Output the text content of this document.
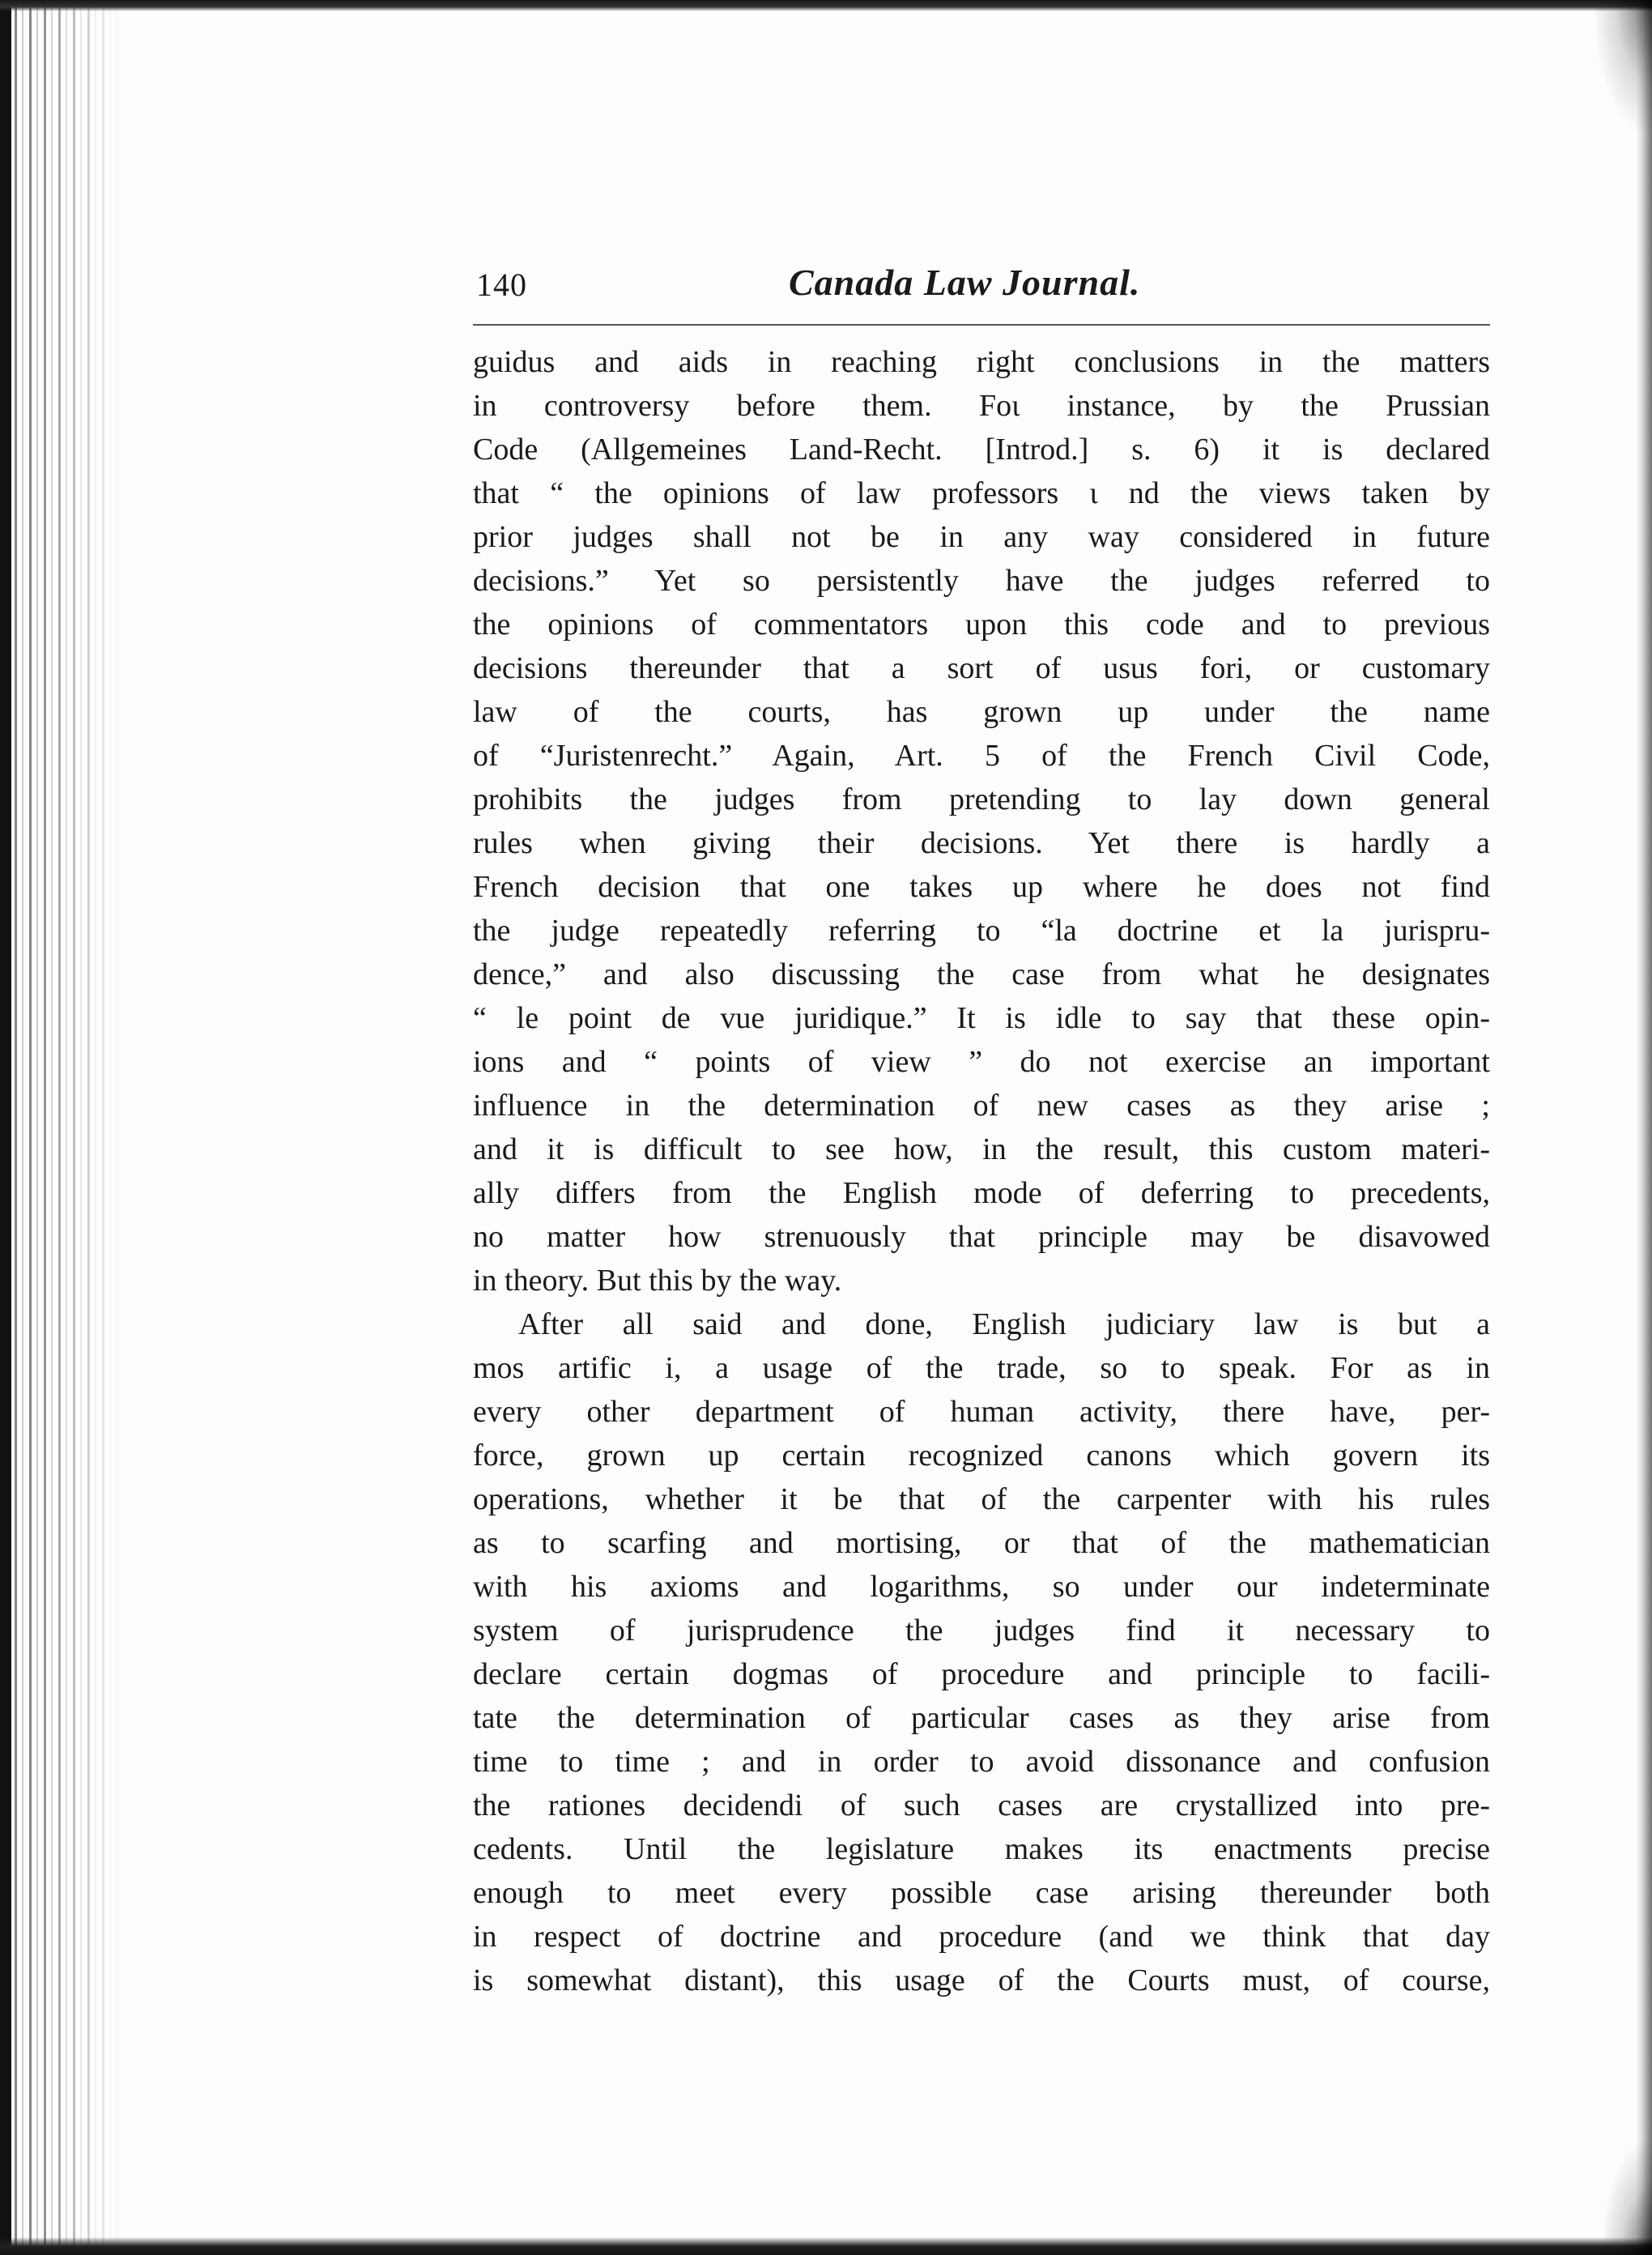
140	Canada Law Journal.
guidus and aids in reaching right conclusions in the matters
in controversy before them. Foι instance, by the Prussian
Code (Allgemeines Land-Recht. [Introd.] s. 6) it is declared
that “ the opinions of law professors ι nd the views taken by
prior judges shall not be in any way considered in future
decisions.” Yet so persistently have the judges referred to
the opinions of commentators upon this code and to previous
decisions thereunder that a sort of usus fori, or customary
law of the courts, has grown up under the name
of “Juristenrecht.” Again, Art. 5 of the French Civil Code,
prohibits the judges from pretending to lay down general
rules when giving their decisions. Yet there is hardly a
French decision that one takes up where he does not find
the judge repeatedly referring to “la doctrine et la jurispru-
dence,” and also discussing the case from what he designates
“ le point de vue juridique.” It is idle to say that these opin-
ions and “ points of view ” do not exercise an important
influence in the determination of new cases as they arise ;
and it is difficult to see how, in the result, this custom materi-
ally differs from the English mode of deferring to precedents,
no matter how strenuously that principle may be disavowed
in theory. But this by the way.
After all said and done, English judiciary law is but a
mos artific i, a usage of the trade, so to speak. For as in
every other department of human activity, there have, per-
force, grown up certain recognized canons which govern its
operations, whether it be that of the carpenter with his rules
as to scarfing and mortising, or that of the mathematician
with his axioms and logarithms, so under our indeterminate
system of jurisprudence the judges find it necessary to
declare certain dogmas of procedure and principle to facili-
tate the determination of particular cases as they arise from
time to time ; and in order to avoid dissonance and confusion
the rationes decidendi of such cases are crystallized into pre-
cedents. Until the legislature makes its enactments precise
enough to meet every possible case arising thereunder both
in respect of doctrine and procedure (and we think that day
is somewhat distant), this usage of the Courts must, of course,
